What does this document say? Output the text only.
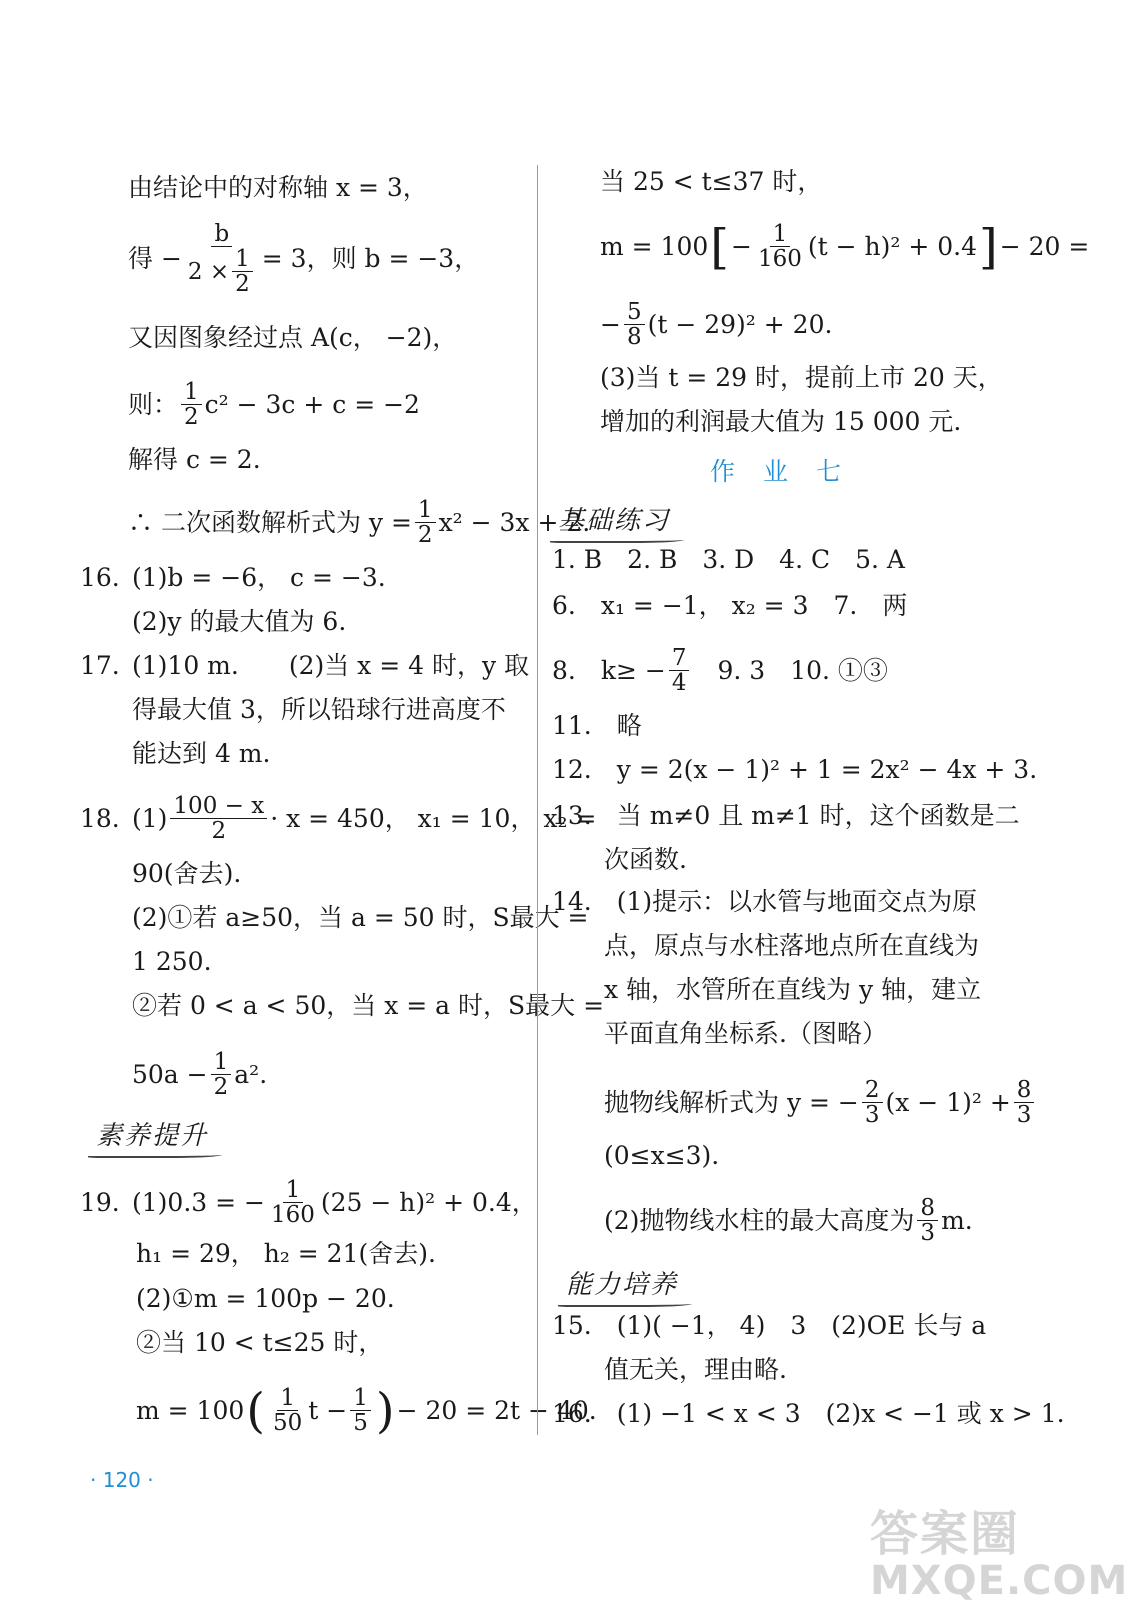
由结论中的对称轴 x = 3，
得 − $\frac{b}{2 \times \frac{1}{2}} = 3$，则 b = −3，
又因图象经过点 A(c， −2)，
则： $\frac{1}{2} c^2 - 3c + c = -2$
解得 c = 2.
∴ 二次函数解析式为 $y = \frac{1}{2} x^2 - 3x + 2$.
16. (1)b = −6， c = −3.
(2)y 的最大值为 6.
17. (1)10 m.　　(2)当 x = 4 时，y 取
得最大值 3，所以铅球行进高度不
能达到 4 m.
18. $(1) \frac{100 - x}{2} \cdot x = 450$， x₁ = 10， x₂ =
90(舍去).
(2)①若 a≥50，当 a = 50 时，S最大 =
1 250.
②若 0 < a < 50，当 x = a 时，S最大 =
$50a - \frac{1}{2} a^2$.
素养提升
19. (1)0.3 = − $\frac{1}{160} (25 - h)^2 + 0.4$，
h₁ = 29， h₂ = 21(舍去).
(2)①m = 100p − 20.
②当 10 < t≤25 时，
m = 100 ( $\frac{1}{50}$ $t - \frac{1}{5}$ ) − 20 = 2t − 40.
当 25 < t≤37 时，
m = 100 [ − $\frac{1}{160} (t - h)^2 + 0.4$ ] − 20 =
− $\frac{5}{8} (t - 29)^2 + 20$.
(3)当 t = 29 时，提前上市 20 天，
增加的利润最大值为 15 000 元.
作业七
基础练习
1. B　2. B　3. D　4. C　5. A
6.　x₁ = −1， x₂ = 3　7.　两
8.　$k\ge - \frac{7}{4}$ 　9. 3　10. ①③
11.　略
12.　y = 2(x − 1)² + 1 = 2x² − 4x + 3.
13.　当 m≠0 且 m≠1 时，这个函数是二
次函数.
14.　(1)提示：以水管与地面交点为原
点，原点与水柱落地点所在直线为
x 轴，水管所在直线为 y 轴，建立
平面直角坐标系.（图略）
抛物线解析式为 y = − $\frac{2}{3} (x - 1)^2 + \frac{8}{3}$
(0≤x≤3).
(2)抛物线水柱的最大高度为 $\frac{8}{3} m$.
能力培养
15.　(1)( −1， 4)　3　(2)OE 长与 a
值无关，理由略.
16.　(1) −1 < x < 3　(2)x < −1 或 x > 1.
· 120 ·
答案圈
MXQE.COM
